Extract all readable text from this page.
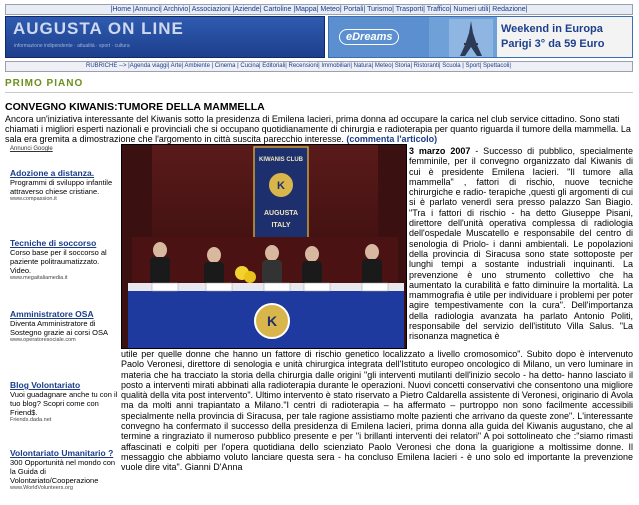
|Home |Annunci| Archivio| Associazioni |Aziende| Cartoline |Mappa| Meteo| Portali| Turismo| Trasporti| Traffico| Numeri utili| Redazione|
AUGUSTA ON LINE
informazione indipendente · attualità · sport · cultura
eDreams
Weekend in Europa
Parigi 3° da 59 Euro
RUBRICHE --> |Agenda viaggi| Arte| Ambiente | Cinema | Cucina| Editoriali| Recensioni| Immobiliari| Natura| Meteo| Storia| Ristoranti| Scuola | Sport| Spettacoli|
PRIMO PIANO
CONVEGNO KIWANIS:TUMORE DELLA MAMMELLA
Ancora un'iniziativa interessante del Kiwanis sotto la presidenza di Emilena Iacieri, prima donna ad occupare la carica nel club service cittadino. Sono stati chiamati i migliori esperti nazionali e provinciali che si occupano quotidianamente di chirurgia e radioterapia per quanto riguarda il tumore della mammella. La sala era gremita a dimostrazione che l'argomento in città suscita parecchio interesse. (commenta l'articolo)
Annunci Google
Adozione a distanza.
Programmi di sviluppo infantile attraverso chiese cristiane.
www.compassion.it
Tecniche di soccorso
Corso base per il soccorso al paziente politraumatizzato. Video.
www.megaitaliamedia.it
Amministratore OSA
Diventa Amministratore di Sostegno grazie ai corsi OSA
www.operatoresociale.com
Blog Volontariato
Vuoi guadagnare anche tu con il tuo blog? Scopri come con Friend$.
Friends.dada.net
Volontariato Umanitario ?
300 Opportunità nel mondo con la Guida di Volontariato/Cooperazione
www.WorldVolunteers.org
KIWANIS CLUB
K
AUGUSTA
ITALY
K
3 marzo 2007 - Successo di pubblico, specialmente femminile, per il convegno organizzato dal Kiwanis di cui è presidente Emilena Iacieri. "Il tumore alla mammella" , fattori di rischio, nuove tecniche chirurgiche e radio- terapiche ,questi gli argomenti di cui si è parlato venerdì sera presso palazzo San Biagio. "Tra i fattori di rischio - ha detto Giuseppe Pisani, direttore dell'unità operativa complessa di radiologia dell'ospedale Muscatello e responsabile del centro di senologia di Priolo- i danni ambientali. Le popolazioni della provincia di Siracusa sono state sottoposte per lunghi tempi a sostante industriali inquinanti. La prevenzione è uno strumento collettivo che ha aumentato la curabilità e fatto diminuire la mortalità. La mammografia è utile per individuare i problemi per poter agire tempestivamente con la cura". Dell'importanza della radiologia avanzata ha parlato Antonio Politi, responsabile del servizio dell'istituto Villa Salus. "La risonanza magnetica è
utile per quelle donne che hanno un fattore di rischio genetico localizzato a livello cromosomico". Subito dopo è intervenuto Paolo Veronesi, direttore di senologia e unità chirurgica integrata dell'Istituto europeo oncologico di Milano, un vero luminare in materia che ha tracciato la storia della chirurgia dalle origini "gli interventi mutilanti dell'inizio secolo - ha detto- hanno lasciato il posto a interventi mirati abbinati alla radioterapia durante le operazioni. Nuovi concetti conservativi che consentono una migliore qualità della vita post intervento". Ultimo intervento è stato riservato a Pietro Caldarella assistente di Veronesi, originario di Avola ma da molti anni trapiantato a Milano."I centri di radioterapia – ha affermato – purtroppo non sono facilmente accessibili specialmente nella provincia di Siracusa, per tale ragione assistiamo molte pazienti che arrivano da queste zone". L'interessante convegno ha confermato il successo della presidenza di Emilena Iacieri, prima donna alla guida del Kiwanis augustano, che al termine a ringraziato il numeroso pubblico presente e per "i brillanti interventi dei relatori" A poi sottolineato che :"siamo rimasti affascinati e colpiti per l'opera quotidiana dello scienziato Paolo Veronesi che dona la guarigione a moltissime donne. Il messaggio che abbiamo voluto lanciare questa sera - ha concluso Emilena Iacieri - è uno solo ed importante la prevenzione vuole dire vita". Gianni D'Anna
